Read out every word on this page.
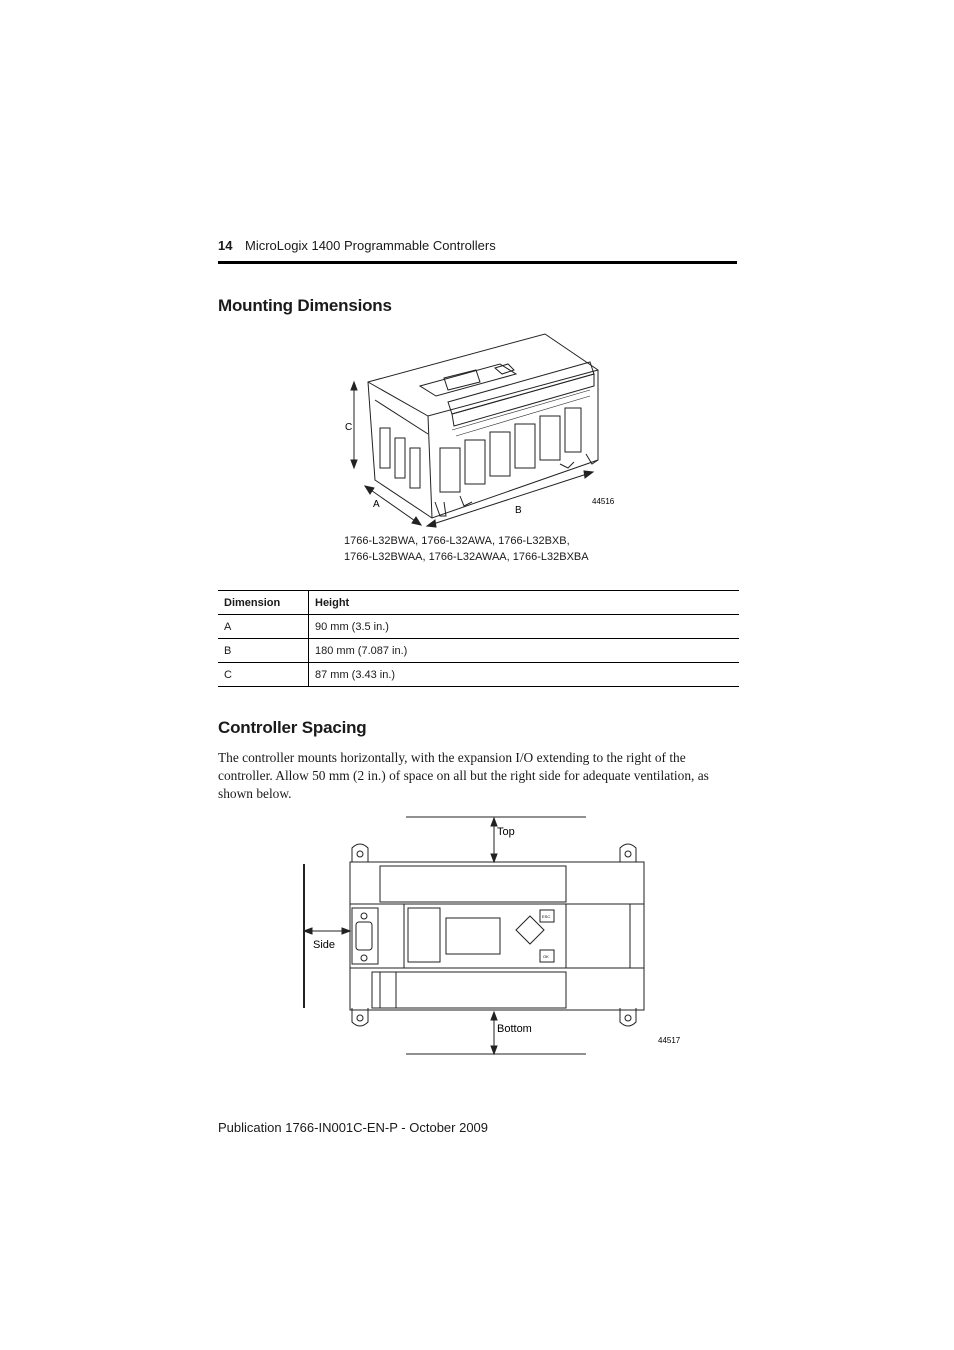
14 MicroLogix 1400 Programmable Controllers
Mounting Dimensions
C
A
B
44516
1766-L32BWA, 1766-L32AWA, 1766-L32BXB,
1766-L32BWAA, 1766-L32AWAA, 1766-L32BXBA
Dimension	Height
A	90 mm (3.5 in.)
B	180 mm (7.087 in.)
C	87 mm (3.43 in.)
Controller Spacing
The controller mounts horizontally, with the expansion I/O extending to the right of the controller. Allow 50 mm (2 in.) of space on all but the right side for adequate ventilation, as shown below.
ESC
OK
Top
Side
Bottom
44517
Publication 1766-IN001C-EN-P - October 2009
